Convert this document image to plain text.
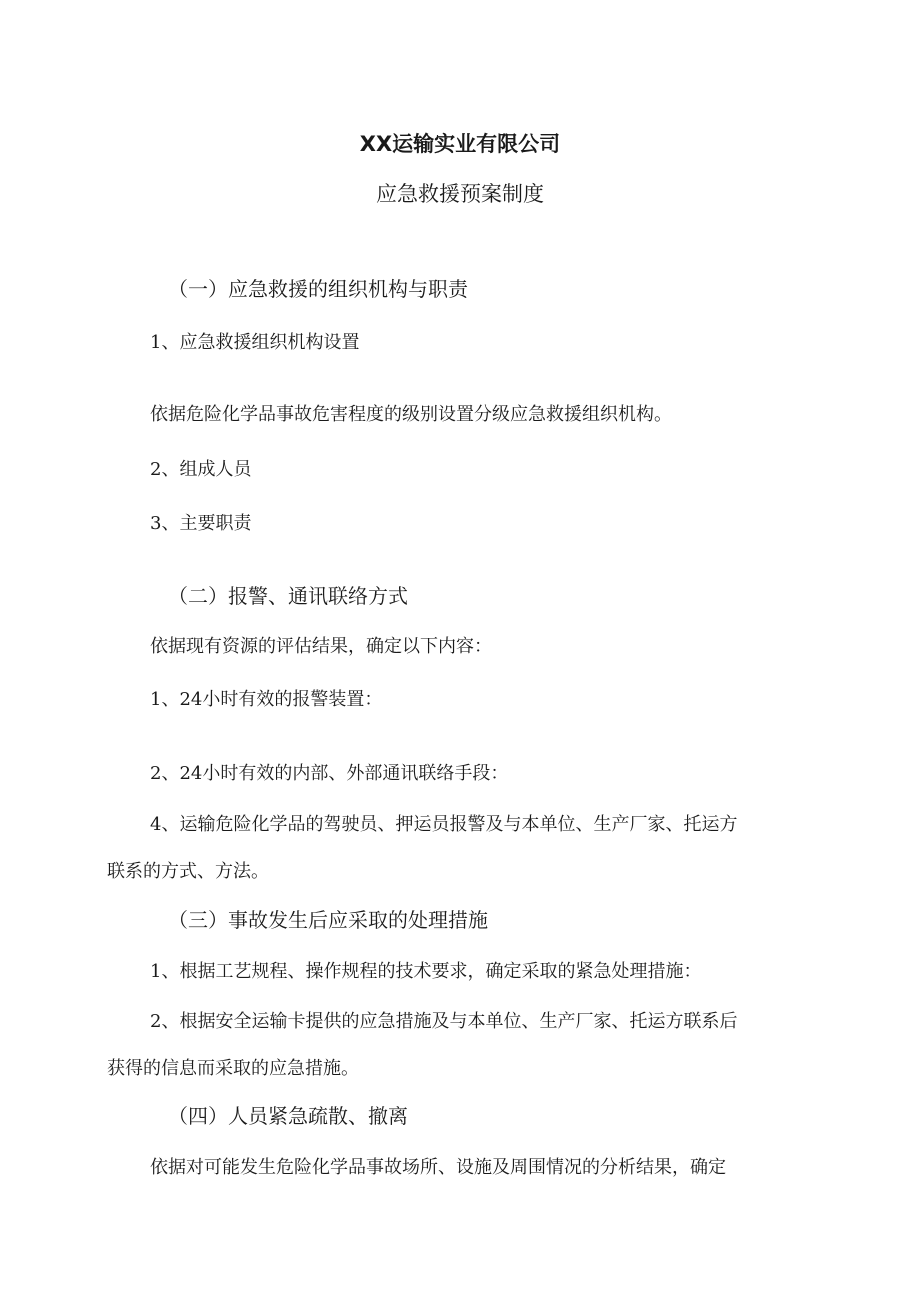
XX运输实业有限公司

应急救援预案制度

（一）应急救援的组织机构与职责

1、应急救援组织机构设置

依据危险化学品事故危害程度的级别设置分级应急救援组织机构。

2、组成人员

3、主要职责

（二）报警、通讯联络方式

依据现有资源的评估结果，确定以下内容：

1、24小时有效的报警装置：

2、24小时有效的内部、外部通讯联络手段：

4、运输危险化学品的驾驶员、押运员报警及与本单位、生产厂家、托运方

联系的方式、方法。

（三）事故发生后应采取的处理措施

1、根据工艺规程、操作规程的技术要求，确定采取的紧急处理措施：

2、根据安全运输卡提供的应急措施及与本单位、生产厂家、托运方联系后

获得的信息而采取的应急措施。

（四）人员紧急疏散、撤离

依据对可能发生危险化学品事故场所、设施及周围情况的分析结果，确定
